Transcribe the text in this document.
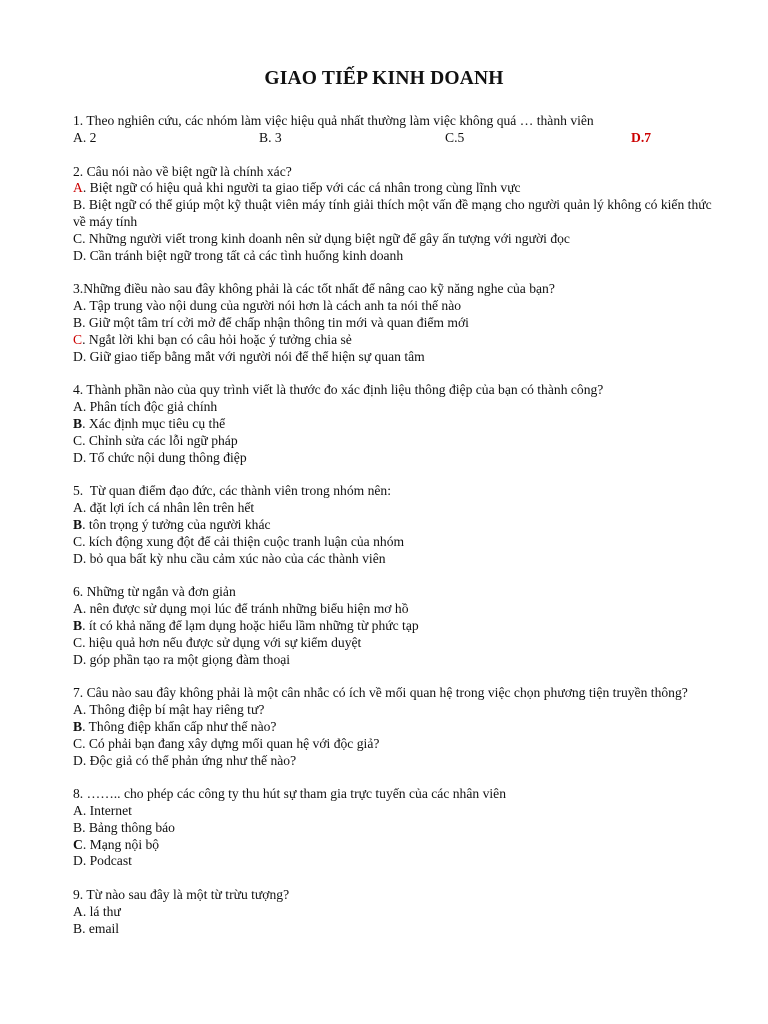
GIAO TIẾP KINH DOANH
1. Theo nghiên cứu, các nhóm làm việc hiệu quả nhất thường làm việc không quá … thành viên
A. 2	B. 3	C.5	D.7
2. Câu nói nào về biệt ngữ là chính xác?
A. Biệt ngữ có hiệu quả khi người ta giao tiếp với các cá nhân trong cùng lĩnh vực
B. Biệt ngữ có thể giúp một kỹ thuật viên máy tính giải thích một vấn đề mạng cho người quản lý không có kiến thức về máy tính
C. Những người viết trong kinh doanh nên sử dụng biệt ngữ để gây ấn tượng với người đọc
D. Cần tránh biệt ngữ trong tất cả các tình huống kinh doanh
3.Những điều nào sau đây không phải là các tốt nhất để nâng cao kỹ năng nghe của bạn?
A. Tập trung vào nội dung của người nói hơn là cách anh ta nói thế nào
B. Giữ một tâm trí cởi mở để chấp nhận thông tin mới và quan điểm mới
C. Ngắt lời khi bạn có câu hỏi hoặc ý tưởng chia sẻ
D. Giữ giao tiếp bằng mắt với người nói để thể hiện sự quan tâm
4. Thành phần nào của quy trình viết là thước đo xác định liệu thông điệp của bạn có thành công?
A. Phân tích độc giả chính
B. Xác định mục tiêu cụ thể
C. Chỉnh sửa các lỗi ngữ pháp
D. Tổ chức nội dung thông điệp
5.  Từ quan điểm đạo đức, các thành viên trong nhóm nên:
A. đặt lợi ích cá nhân lên trên hết
B. tôn trọng ý tưởng của người khác
C. kích động xung đột để cải thiện cuộc tranh luận của nhóm
D. bỏ qua bất kỳ nhu cầu cảm xúc nào của các thành viên
6. Những từ ngắn và đơn giản
A. nên được sử dụng mọi lúc để tránh những biểu hiện mơ hồ
B. ít có khả năng để lạm dụng hoặc hiểu lầm những từ phức tạp
C. hiệu quả hơn nếu được sử dụng với sự kiểm duyệt
D. góp phần tạo ra một giọng đàm thoại
7. Câu nào sau đây không phải là một cân nhắc có ích về mối quan hệ trong việc chọn phương tiện truyền thông?
A. Thông điệp bí mật hay riêng tư?
B. Thông điệp khẩn cấp như thế nào?
C. Có phải bạn đang xây dựng mối quan hệ với độc giả?
D. Độc giả có thể phản ứng như thế nào?
8. …….. cho phép các công ty thu hút sự tham gia trực tuyến của các nhân viên
A. Internet
B. Bảng thông báo
C. Mạng nội bộ
D. Podcast
9. Từ nào sau đây là một từ trừu tượng?
A. lá thư
B. email
